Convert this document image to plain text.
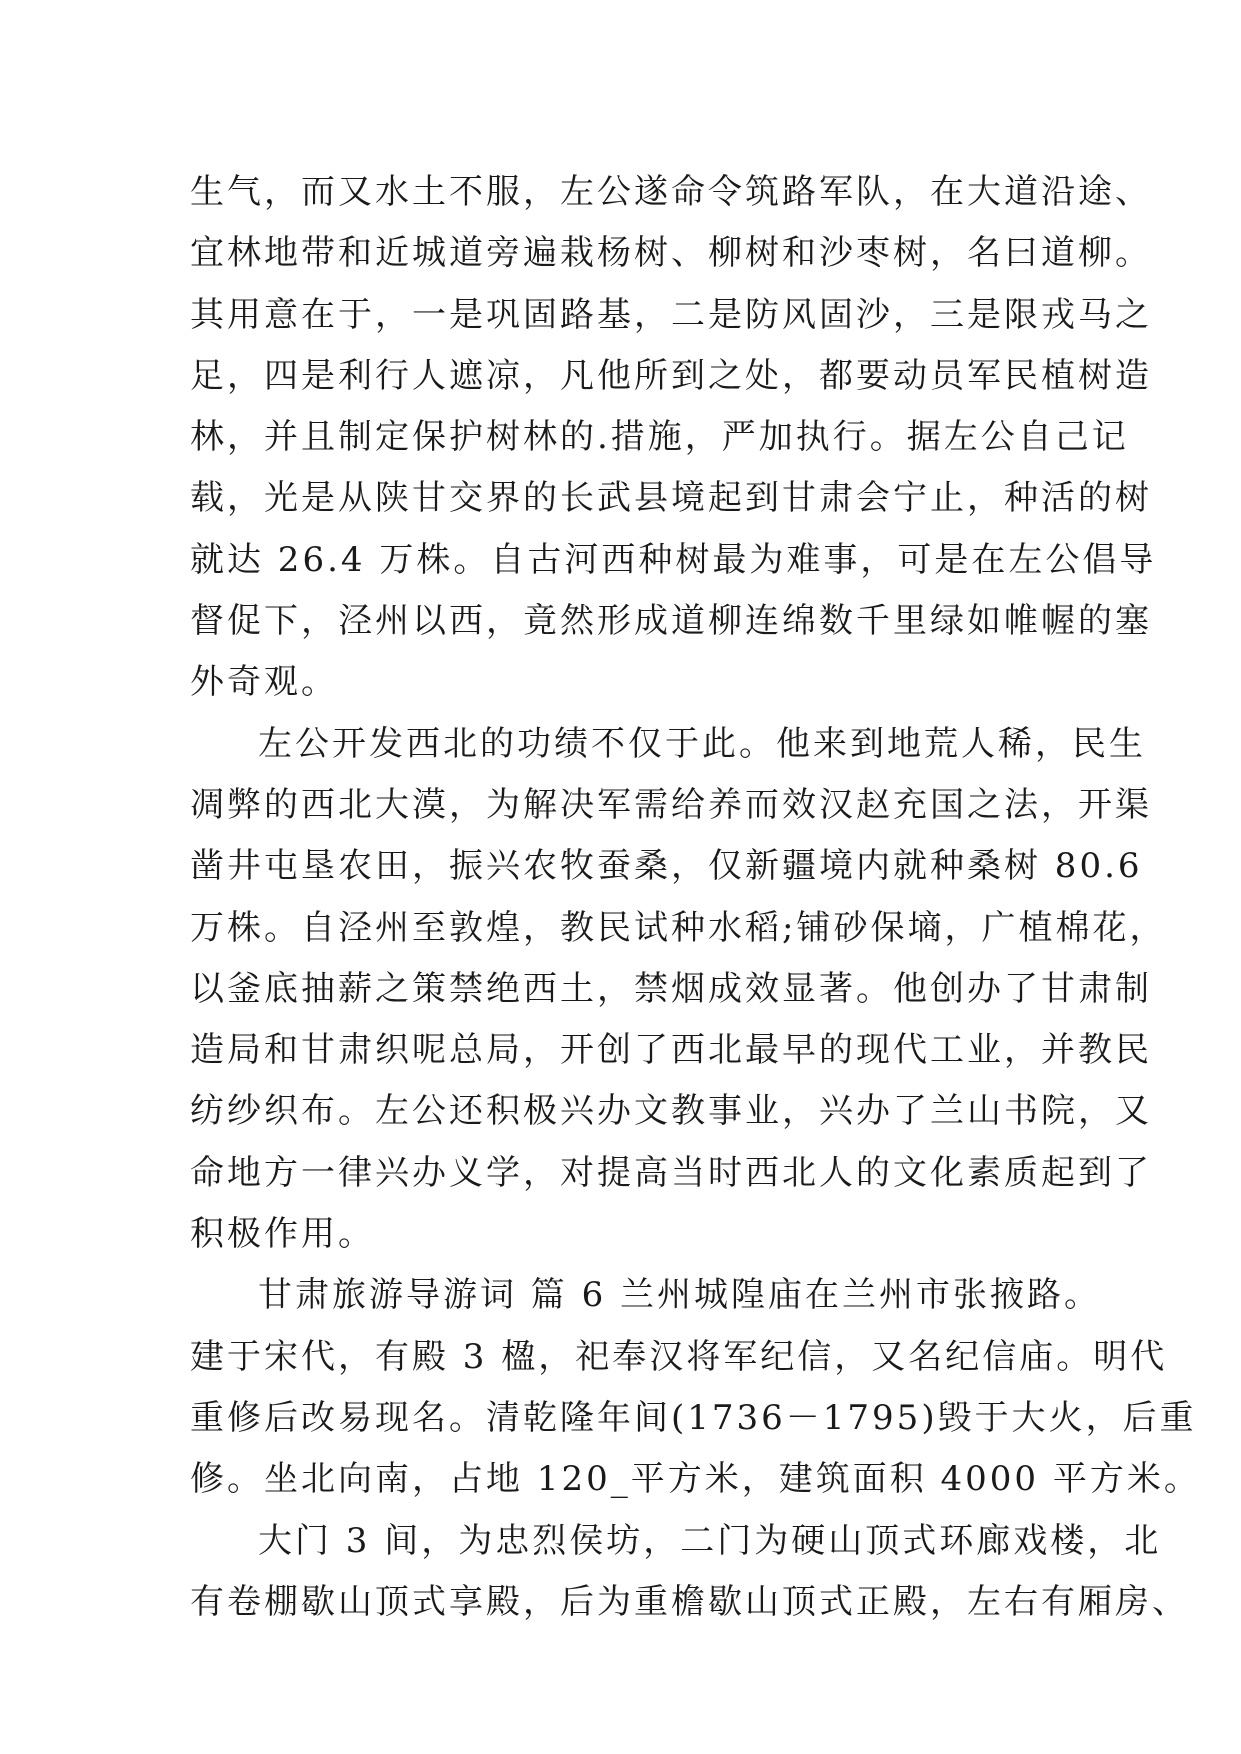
生气，而又水土不服，左公遂命令筑路军队，在大道沿途、
宜林地带和近城道旁遍栽杨树、柳树和沙枣树，名曰道柳。
其用意在于，一是巩固路基，二是防风固沙，三是限戎马之
足，四是利行人遮凉，凡他所到之处，都要动员军民植树造
林，并且制定保护树林的.措施，严加执行。据左公自己记
载，光是从陕甘交界的长武县境起到甘肃会宁止，种活的树
就达 26.4 万株。自古河西种树最为难事，可是在左公倡导
督促下，泾州以西，竟然形成道柳连绵数千里绿如帷幄的塞
外奇观。
左公开发西北的功绩不仅于此。他来到地荒人稀，民生
凋弊的西北大漠，为解决军需给养而效汉赵充国之法，开渠
凿井屯垦农田，振兴农牧蚕桑，仅新疆境内就种桑树 80.6
万株。自泾州至敦煌，教民试种水稻;铺砂保墒，广植棉花，
以釜底抽薪之策禁绝西土，禁烟成效显著。他创办了甘肃制
造局和甘肃织呢总局，开创了西北最早的现代工业，并教民
纺纱织布。左公还积极兴办文教事业，兴办了兰山书院，又
命地方一律兴办义学，对提高当时西北人的文化素质起到了
积极作用。
甘肃旅游导游词 篇 6 兰州城隍庙在兰州市张掖路。
建于宋代，有殿 3 楹，祀奉汉将军纪信，又名纪信庙。明代
重修后改易现名。清乾隆年间(1736－1795)毁于大火，后重
修。坐北向南，占地 120_平方米，建筑面积 4000 平方米。
大门 3 间，为忠烈侯坊，二门为硬山顶式环廊戏楼，北
有卷棚歇山顶式享殿，后为重檐歇山顶式正殿，左右有厢房、
